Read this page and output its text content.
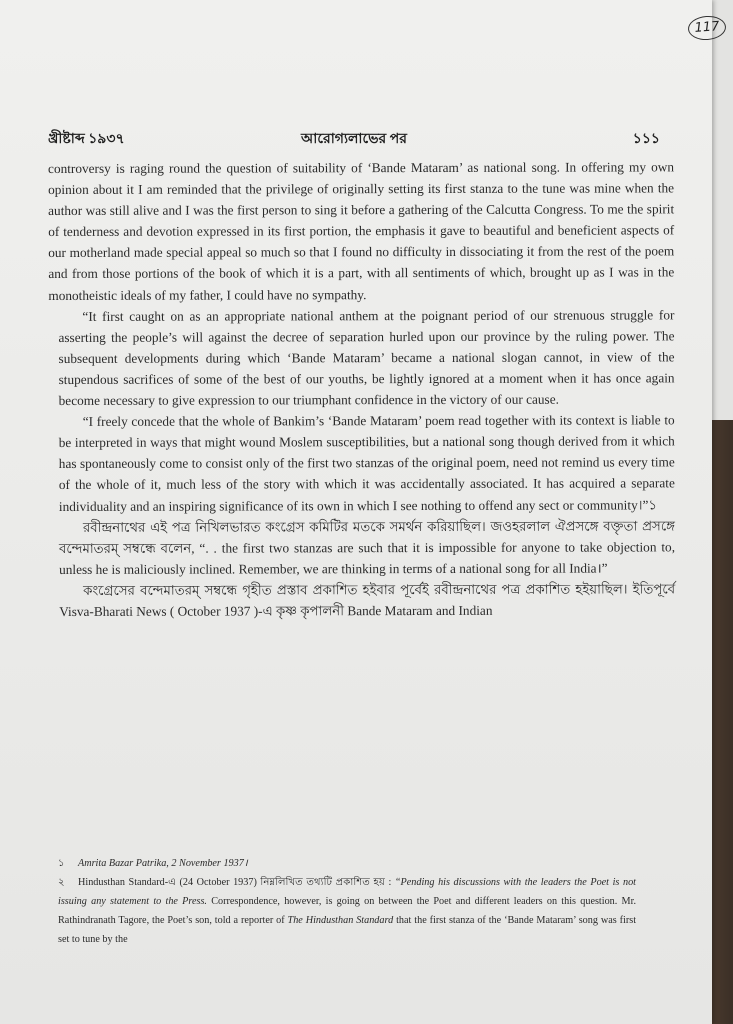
117
খ্রীষ্টাব্দ ১৯৩৭	আরোগ্যলাভের পর	১১১

controversy is raging round the question of suitability of ‘Bande Mataram’ as national song. In offering my own opinion about it I am reminded that the privilege of originally setting its first stanza to the tune was mine when the author was still alive and I was the first person to sing it before a gathering of the Calcutta Congress. To me the spirit of tenderness and devotion expressed in its first portion, the emphasis it gave to beautiful and beneficient aspects of our motherland made special appeal so much so that I found no difficulty in dissociating it from the rest of the poem and from those portions of the book of which it is a part, with all sentiments of which, brought up as I was in the monotheistic ideals of my father, I could have no sympathy.

“It first caught on as an appropriate national anthem at the poignant period of our strenuous struggle for asserting the people’s will against the decree of separation hurled upon our province by the ruling power. The subsequent developments during which ‘Bande Mataram’ became a national slogan cannot, in view of the stupendous sacrifices of some of the best of our youths, be lightly ignored at a moment when it has once again become necessary to give expression to our triumphant confidence in the victory of our cause.

“I freely concede that the whole of Bankim’s ‘Bande Mataram’ poem read together with its context is liable to be interpreted in ways that might wound Moslem susceptibilities, but a national song though derived from it which has spontaneously come to consist only of the first two stanzas of the original poem, need not remind us every time of the whole of it, much less of the story with which it was accidentally associated. It has acquired a separate individuality and an inspiring significance of its own in which I see nothing to offend any sect or community।”১

রবীন্দ্রনাথের এই পত্র নিখিলভারত কংগ্রেস কমিটির মতকে সমর্থন করিয়াছিল। জওহরলাল ঐপ্রসঙ্গে বক্তৃতা প্রসঙ্গে বন্দেমাতরম্ সম্বন্ধে বলেন, “. . the first two stanzas are such that it is impossible for anyone to take objection to, unless he is maliciously inclined. Remember, we are thinking in terms of a national song for all India।”

কংগ্রেসের বন্দেমাতরম্ সম্বন্ধে গৃহীত প্রস্তাব প্রকাশিত হইবার পূর্বেই রবীন্দ্রনাথের পত্র প্রকাশিত হইয়াছিল। ইতিপূর্বে Visva-Bharati News ( October 1937 )-এ কৃষ্ণ কৃপালনী Bande Mataram and Indian

১ Amrita Bazar Patrika, 2 November 1937।

২ Hindusthan Standard-এ (24 October 1937) নিম্নলিখিত তথ্যটি প্রকাশিত হয় : “Pending his discussions with the leaders the Poet is not issuing any statement to the Press. Correspondence, however, is going on between the Poet and different leaders on this question. Mr. Rathindranath Tagore, the Poet’s son, told a reporter of The Hindusthan Standard that the first stanza of the ‘Bande Mataram’ song was first set to tune by the
